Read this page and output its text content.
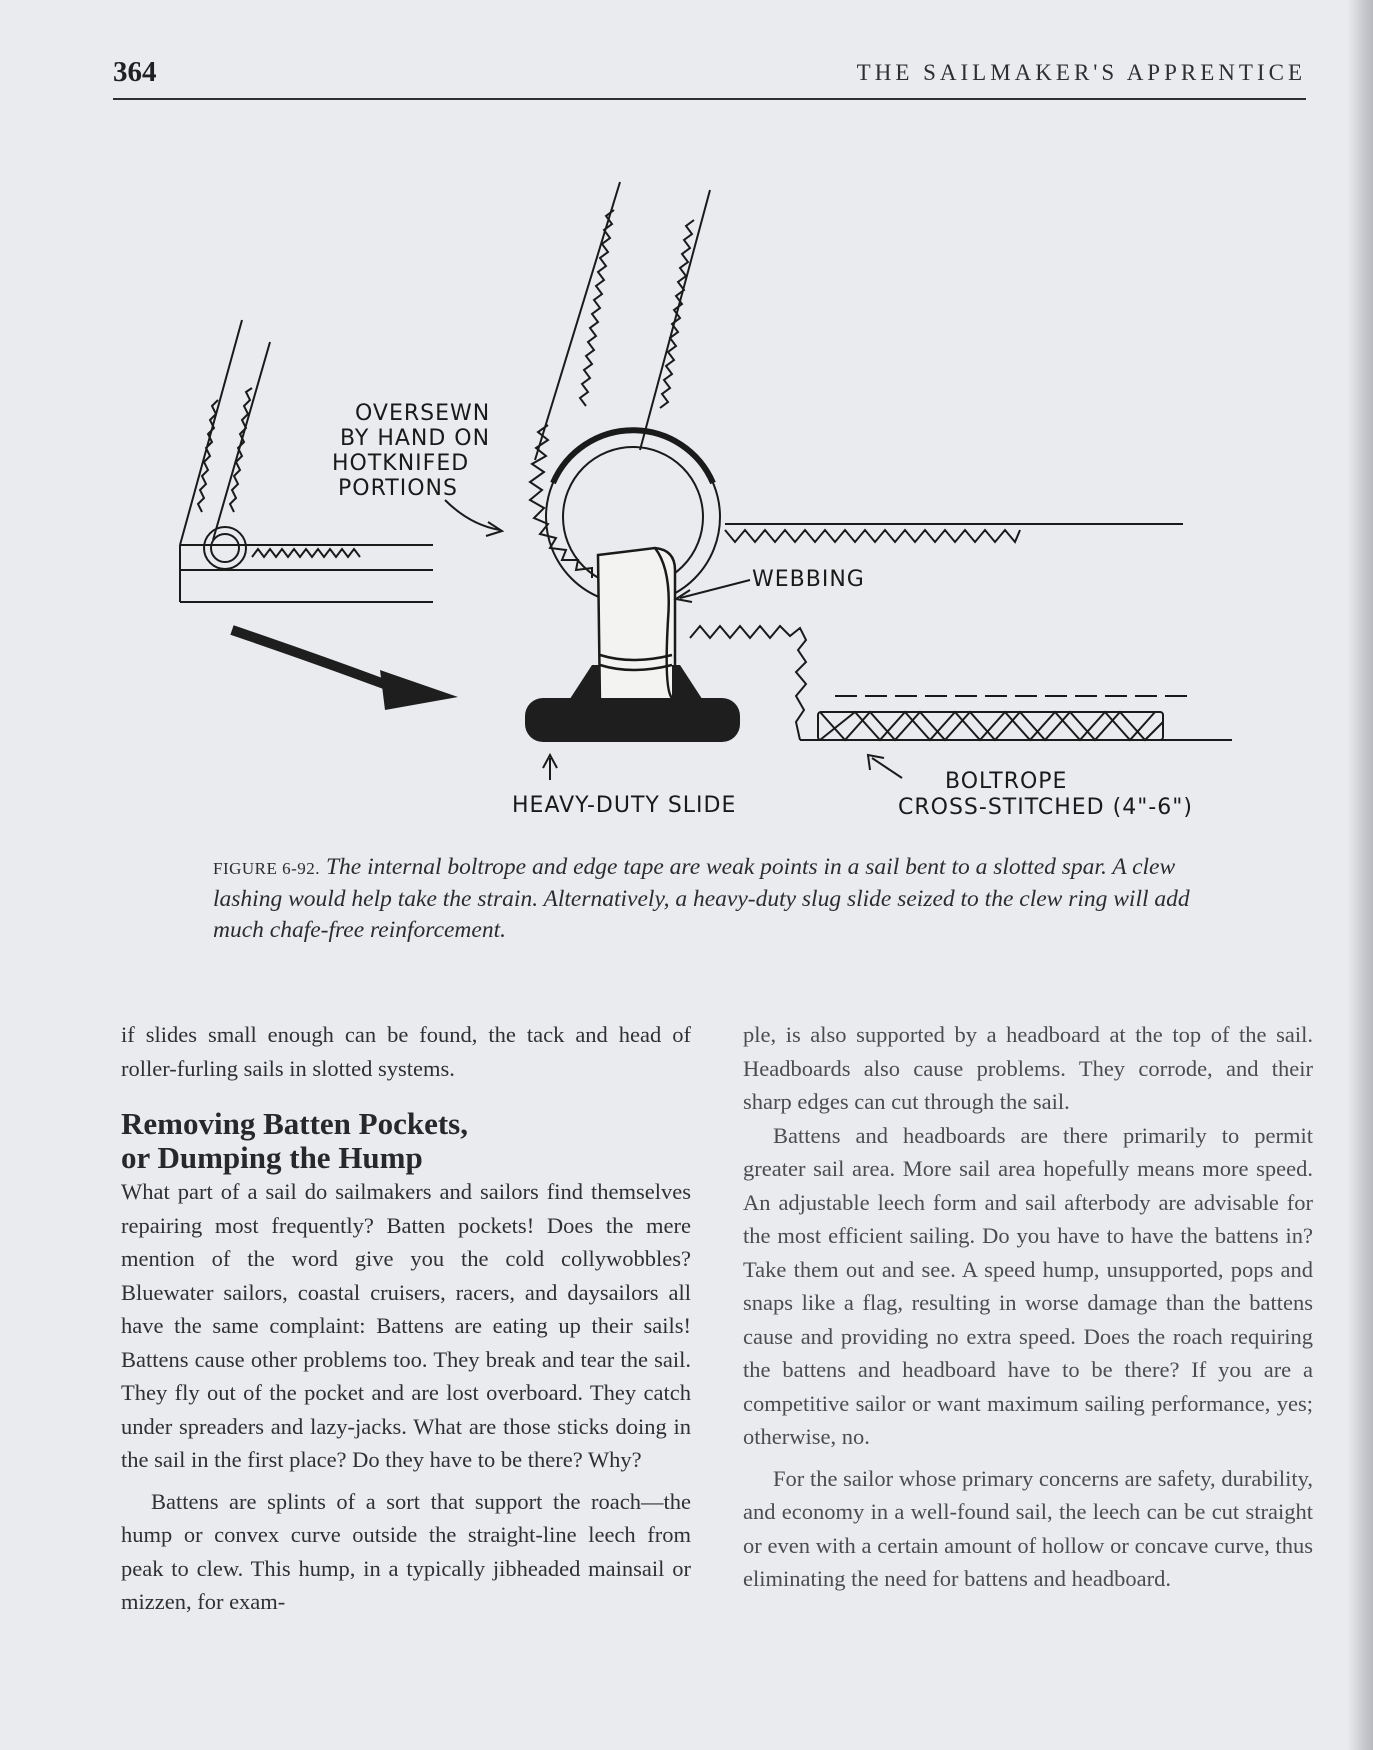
364	THE SAILMAKER'S APPRENTICE
OVERSEWN
BY HAND ON
HOTKNIFED
PORTIONS
WEBBING
HEAVY-DUTY SLIDE
BOLTROPE
CROSS-STITCHED (4"-6")
FIGURE 6-92. The internal boltrope and edge tape are weak points in a sail bent to a slotted spar. A clew lashing would help take the strain. Alternatively, a heavy-duty slug slide seized to the clew ring will add much chafe-free reinforcement.

if slides small enough can be found, the tack and head of roller-furling sails in slotted systems.

Removing Batten Pockets,
or Dumping the Hump

What part of a sail do sailmakers and sailors find themselves repairing most frequently? Batten pockets! Does the mere mention of the word give you the cold collywobbles? Bluewater sailors, coastal cruisers, racers, and daysailors all have the same complaint: Battens are eating up their sails! Battens cause other problems too. They break and tear the sail. They fly out of the pocket and are lost overboard. They catch under spreaders and lazy-jacks. What are those sticks doing in the sail in the first place? Do they have to be there? Why?

Battens are splints of a sort that support the roach—the hump or convex curve outside the straight-line leech from peak to clew. This hump, in a typically jibheaded mainsail or mizzen, for exam-

ple, is also supported by a headboard at the top of the sail. Headboards also cause problems. They corrode, and their sharp edges can cut through the sail.

Battens and headboards are there primarily to permit greater sail area. More sail area hopefully means more speed. An adjustable leech form and sail afterbody are advisable for the most efficient sailing. Do you have to have the battens in? Take them out and see. A speed hump, unsupported, pops and snaps like a flag, resulting in worse damage than the battens cause and providing no extra speed. Does the roach requiring the battens and headboard have to be there? If you are a competitive sailor or want maximum sailing performance, yes; otherwise, no.

For the sailor whose primary concerns are safety, durability, and economy in a well-found sail, the leech can be cut straight or even with a certain amount of hollow or concave curve, thus eliminating the need for battens and headboard.
